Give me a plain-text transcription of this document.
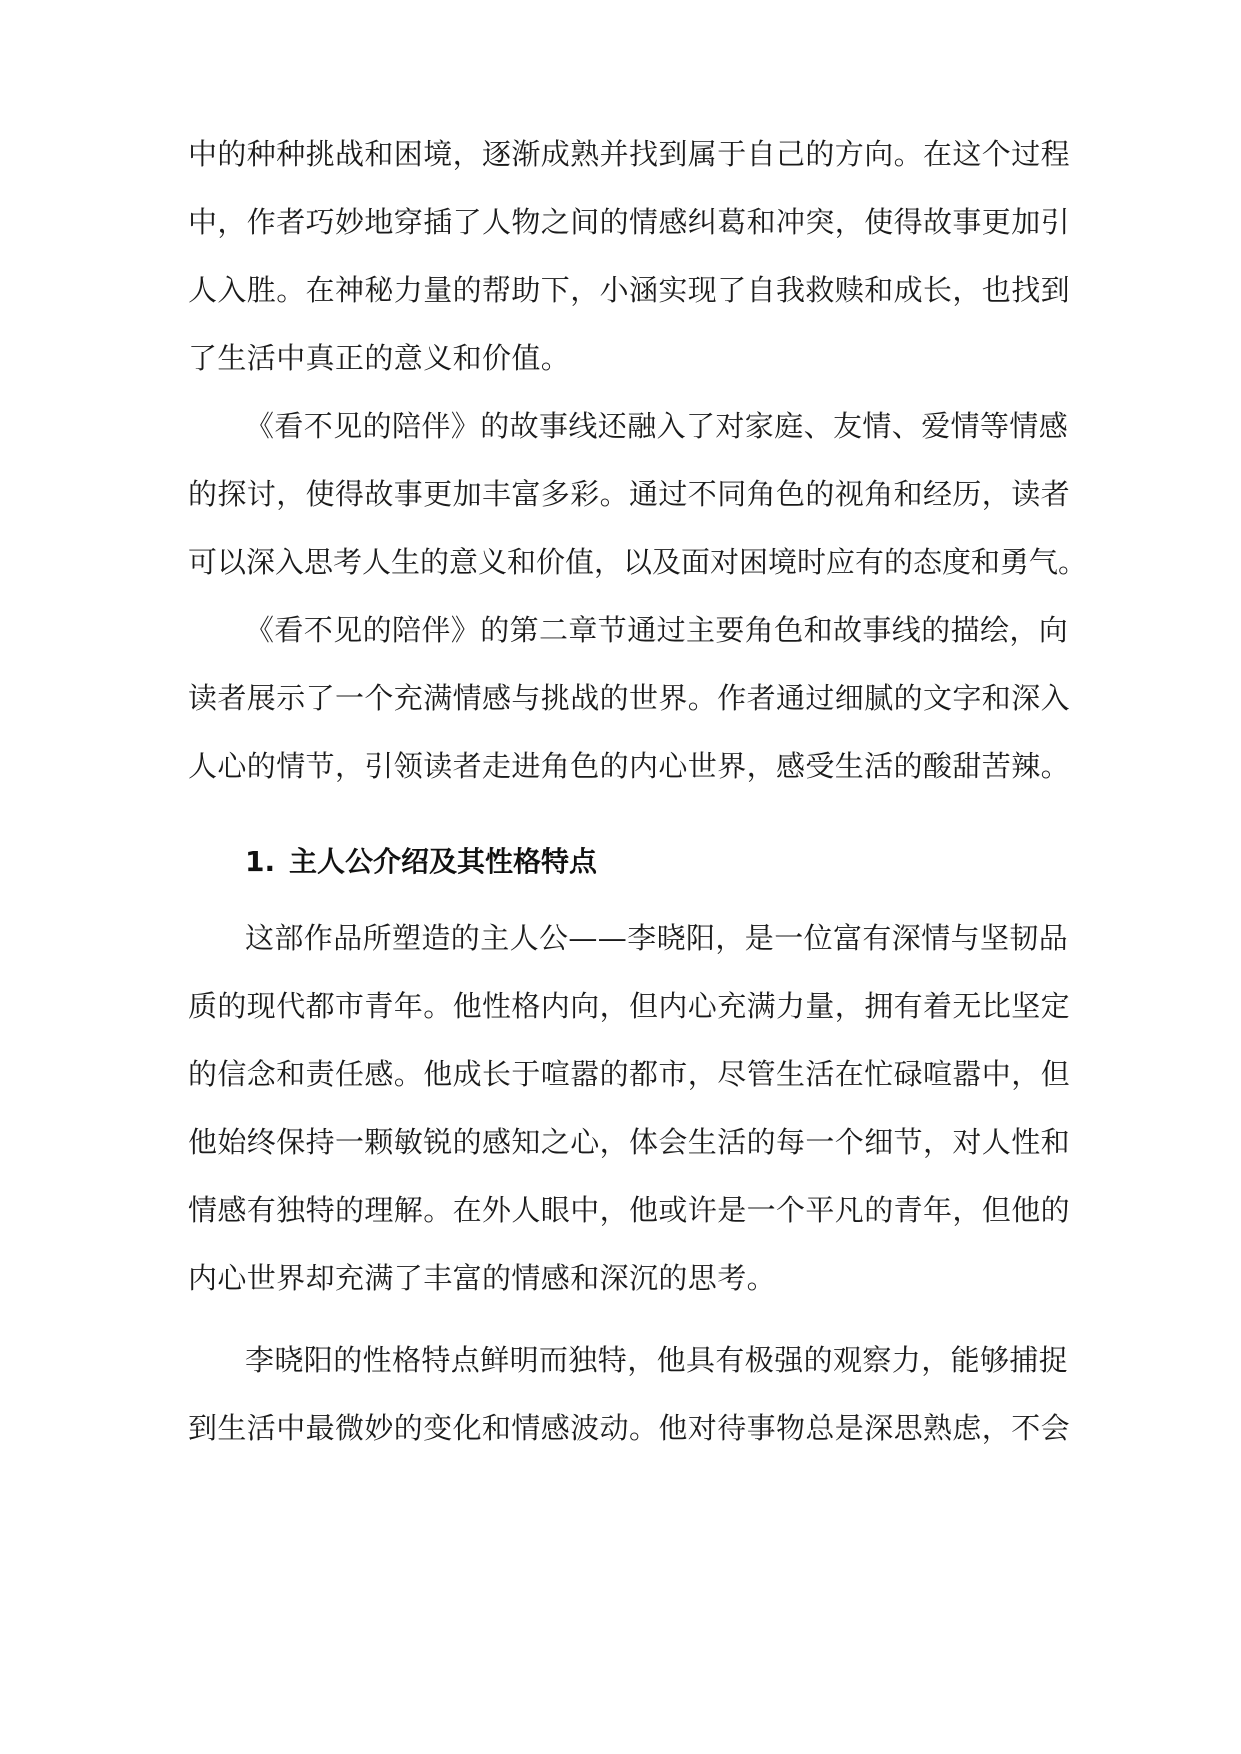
中的种种挑战和困境，逐渐成熟并找到属于自己的方向。在这个过程
中，作者巧妙地穿插了人物之间的情感纠葛和冲突，使得故事更加引
人入胜。在神秘力量的帮助下，小涵实现了自我救赎和成长，也找到
了生活中真正的意义和价值。
《看不见的陪伴》的故事线还融入了对家庭、友情、爱情等情感
的探讨，使得故事更加丰富多彩。通过不同角色的视角和经历，读者
可以深入思考人生的意义和价值，以及面对困境时应有的态度和勇气。
《看不见的陪伴》的第二章节通过主要角色和故事线的描绘，向
读者展示了一个充满情感与挑战的世界。作者通过细腻的文字和深入
人心的情节，引领读者走进角色的内心世界，感受生活的酸甜苦辣。
1. 主人公介绍及其性格特点
这部作品所塑造的主人公——李晓阳，是一位富有深情与坚韧品
质的现代都市青年。他性格内向，但内心充满力量，拥有着无比坚定
的信念和责任感。他成长于喧嚣的都市，尽管生活在忙碌喧嚣中，但
他始终保持一颗敏锐的感知之心，体会生活的每一个细节，对人性和
情感有独特的理解。在外人眼中，他或许是一个平凡的青年，但他的
内心世界却充满了丰富的情感和深沉的思考。
李晓阳的性格特点鲜明而独特，他具有极强的观察力，能够捕捉
到生活中最微妙的变化和情感波动。他对待事物总是深思熟虑，不会
